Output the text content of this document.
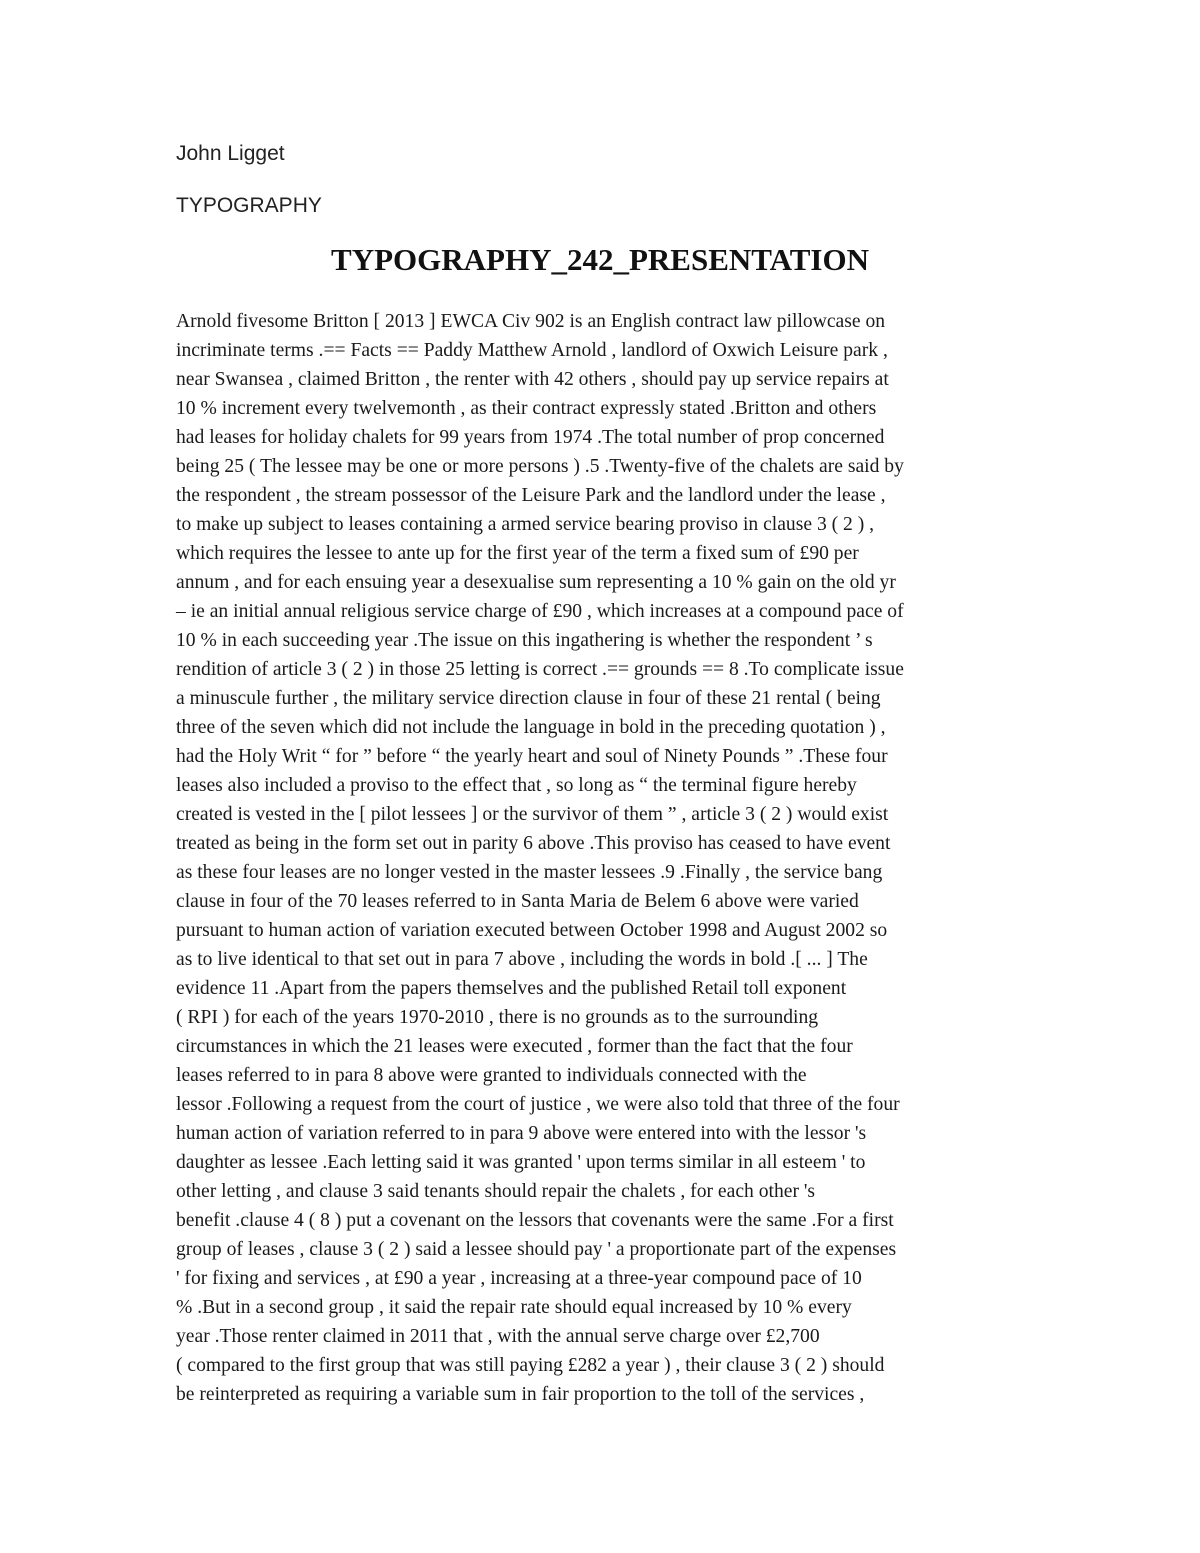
John Ligget

TYPOGRAPHY

TYPOGRAPHY_242_PRESENTATION
Arnold fivesome Britton [ 2013 ] EWCA Civ 902 is an English contract law pillowcase on
incriminate terms .== Facts == Paddy Matthew Arnold , landlord of Oxwich Leisure park ,
near Swansea , claimed Britton , the renter with 42 others , should pay up service repairs at
10 % increment every twelvemonth , as their contract expressly stated .Britton and others
had leases for holiday chalets for 99 years from 1974 .The total number of prop concerned
being 25 ( The lessee may be one or more persons ) .5 .Twenty-five of the chalets are said by
the respondent , the stream possessor of the Leisure Park and the landlord under the lease ,
to make up subject to leases containing a armed service bearing proviso in clause 3 ( 2 ) ,
which requires the lessee to ante up for the first year of the term a fixed sum of £90 per
annum , and for each ensuing year a desexualise sum representing a 10 % gain on the old yr
– ie an initial annual religious service charge of £90 , which increases at a compound pace of
10 % in each succeeding year .The issue on this ingathering is whether the respondent ’ s
rendition of article 3 ( 2 ) in those 25 letting is correct .== grounds == 8 .To complicate issue
a minuscule further , the military service direction clause in four of these 21 rental ( being
three of the seven which did not include the language in bold in the preceding quotation ) ,
had the Holy Writ “ for ” before “ the yearly heart and soul of Ninety Pounds ” .These four
leases also included a proviso to the effect that , so long as “ the terminal figure hereby
created is vested in the [ pilot lessees ] or the survivor of them ” , article 3 ( 2 ) would exist
treated as being in the form set out in parity 6 above .This proviso has ceased to have event
as these four leases are no longer vested in the master lessees .9 .Finally , the service bang
clause in four of the 70 leases referred to in Santa Maria de Belem 6 above were varied
pursuant to human action of variation executed between October 1998 and August 2002 so
as to live identical to that set out in para 7 above , including the words in bold .[ ... ] The
evidence 11 .Apart from the papers themselves and the published Retail toll exponent
( RPI ) for each of the years 1970-2010 , there is no grounds as to the surrounding
circumstances in which the 21 leases were executed , former than the fact that the four
leases referred to in para 8 above were granted to individuals connected with the
lessor .Following a request from the court of justice , we were also told that three of the four
human action of variation referred to in para 9 above were entered into with the lessor 's
daughter as lessee .Each letting said it was granted ' upon terms similar in all esteem ' to
other letting , and clause 3 said tenants should repair the chalets , for each other 's
benefit .clause 4 ( 8 ) put a covenant on the lessors that covenants were the same .For a first
group of leases , clause 3 ( 2 ) said a lessee should pay ' a proportionate part of the expenses
' for fixing and services , at £90 a year , increasing at a three-year compound pace of 10
% .But in a second group , it said the repair rate should equal increased by 10 % every
year .Those renter claimed in 2011 that , with the annual serve charge over £2,700
( compared to the first group that was still paying £282 a year ) , their clause 3 ( 2 ) should
be reinterpreted as requiring a variable sum in fair proportion to the toll of the services ,
